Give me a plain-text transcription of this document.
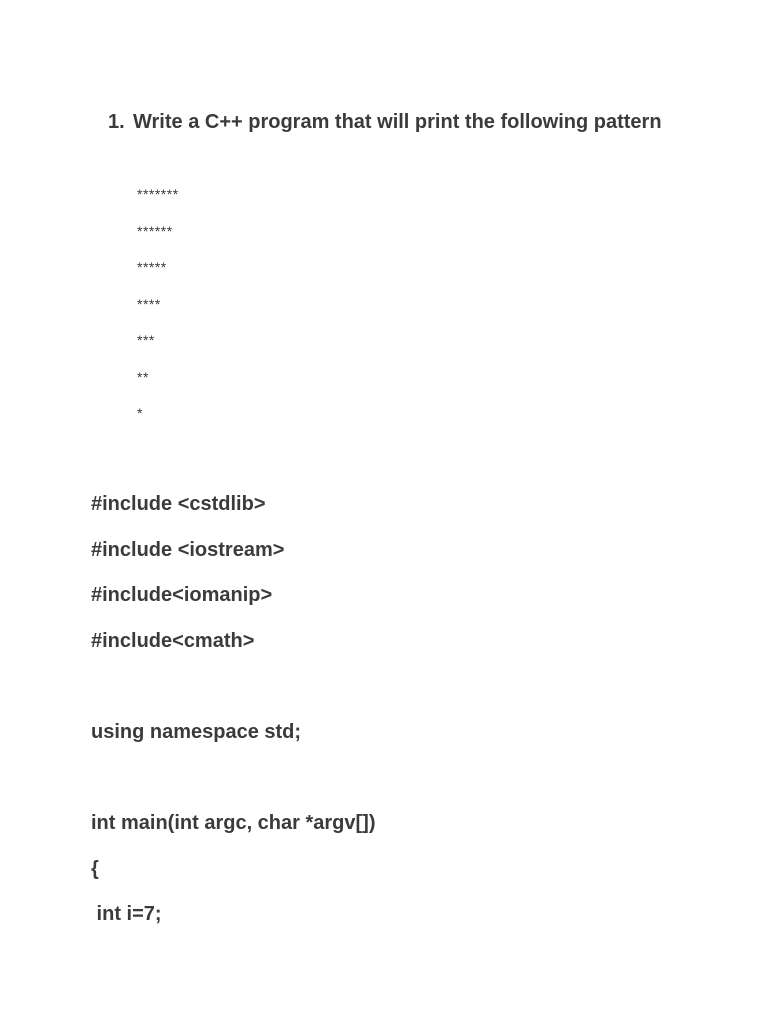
1. Write a C++ program that will print the following pattern
*******
******
*****
****
***
**
*
#include <cstdlib>
#include <iostream>
#include<iomanip>
#include<cmath>
using namespace std;
int main(int argc, char *argv[])
{
int i=7;
